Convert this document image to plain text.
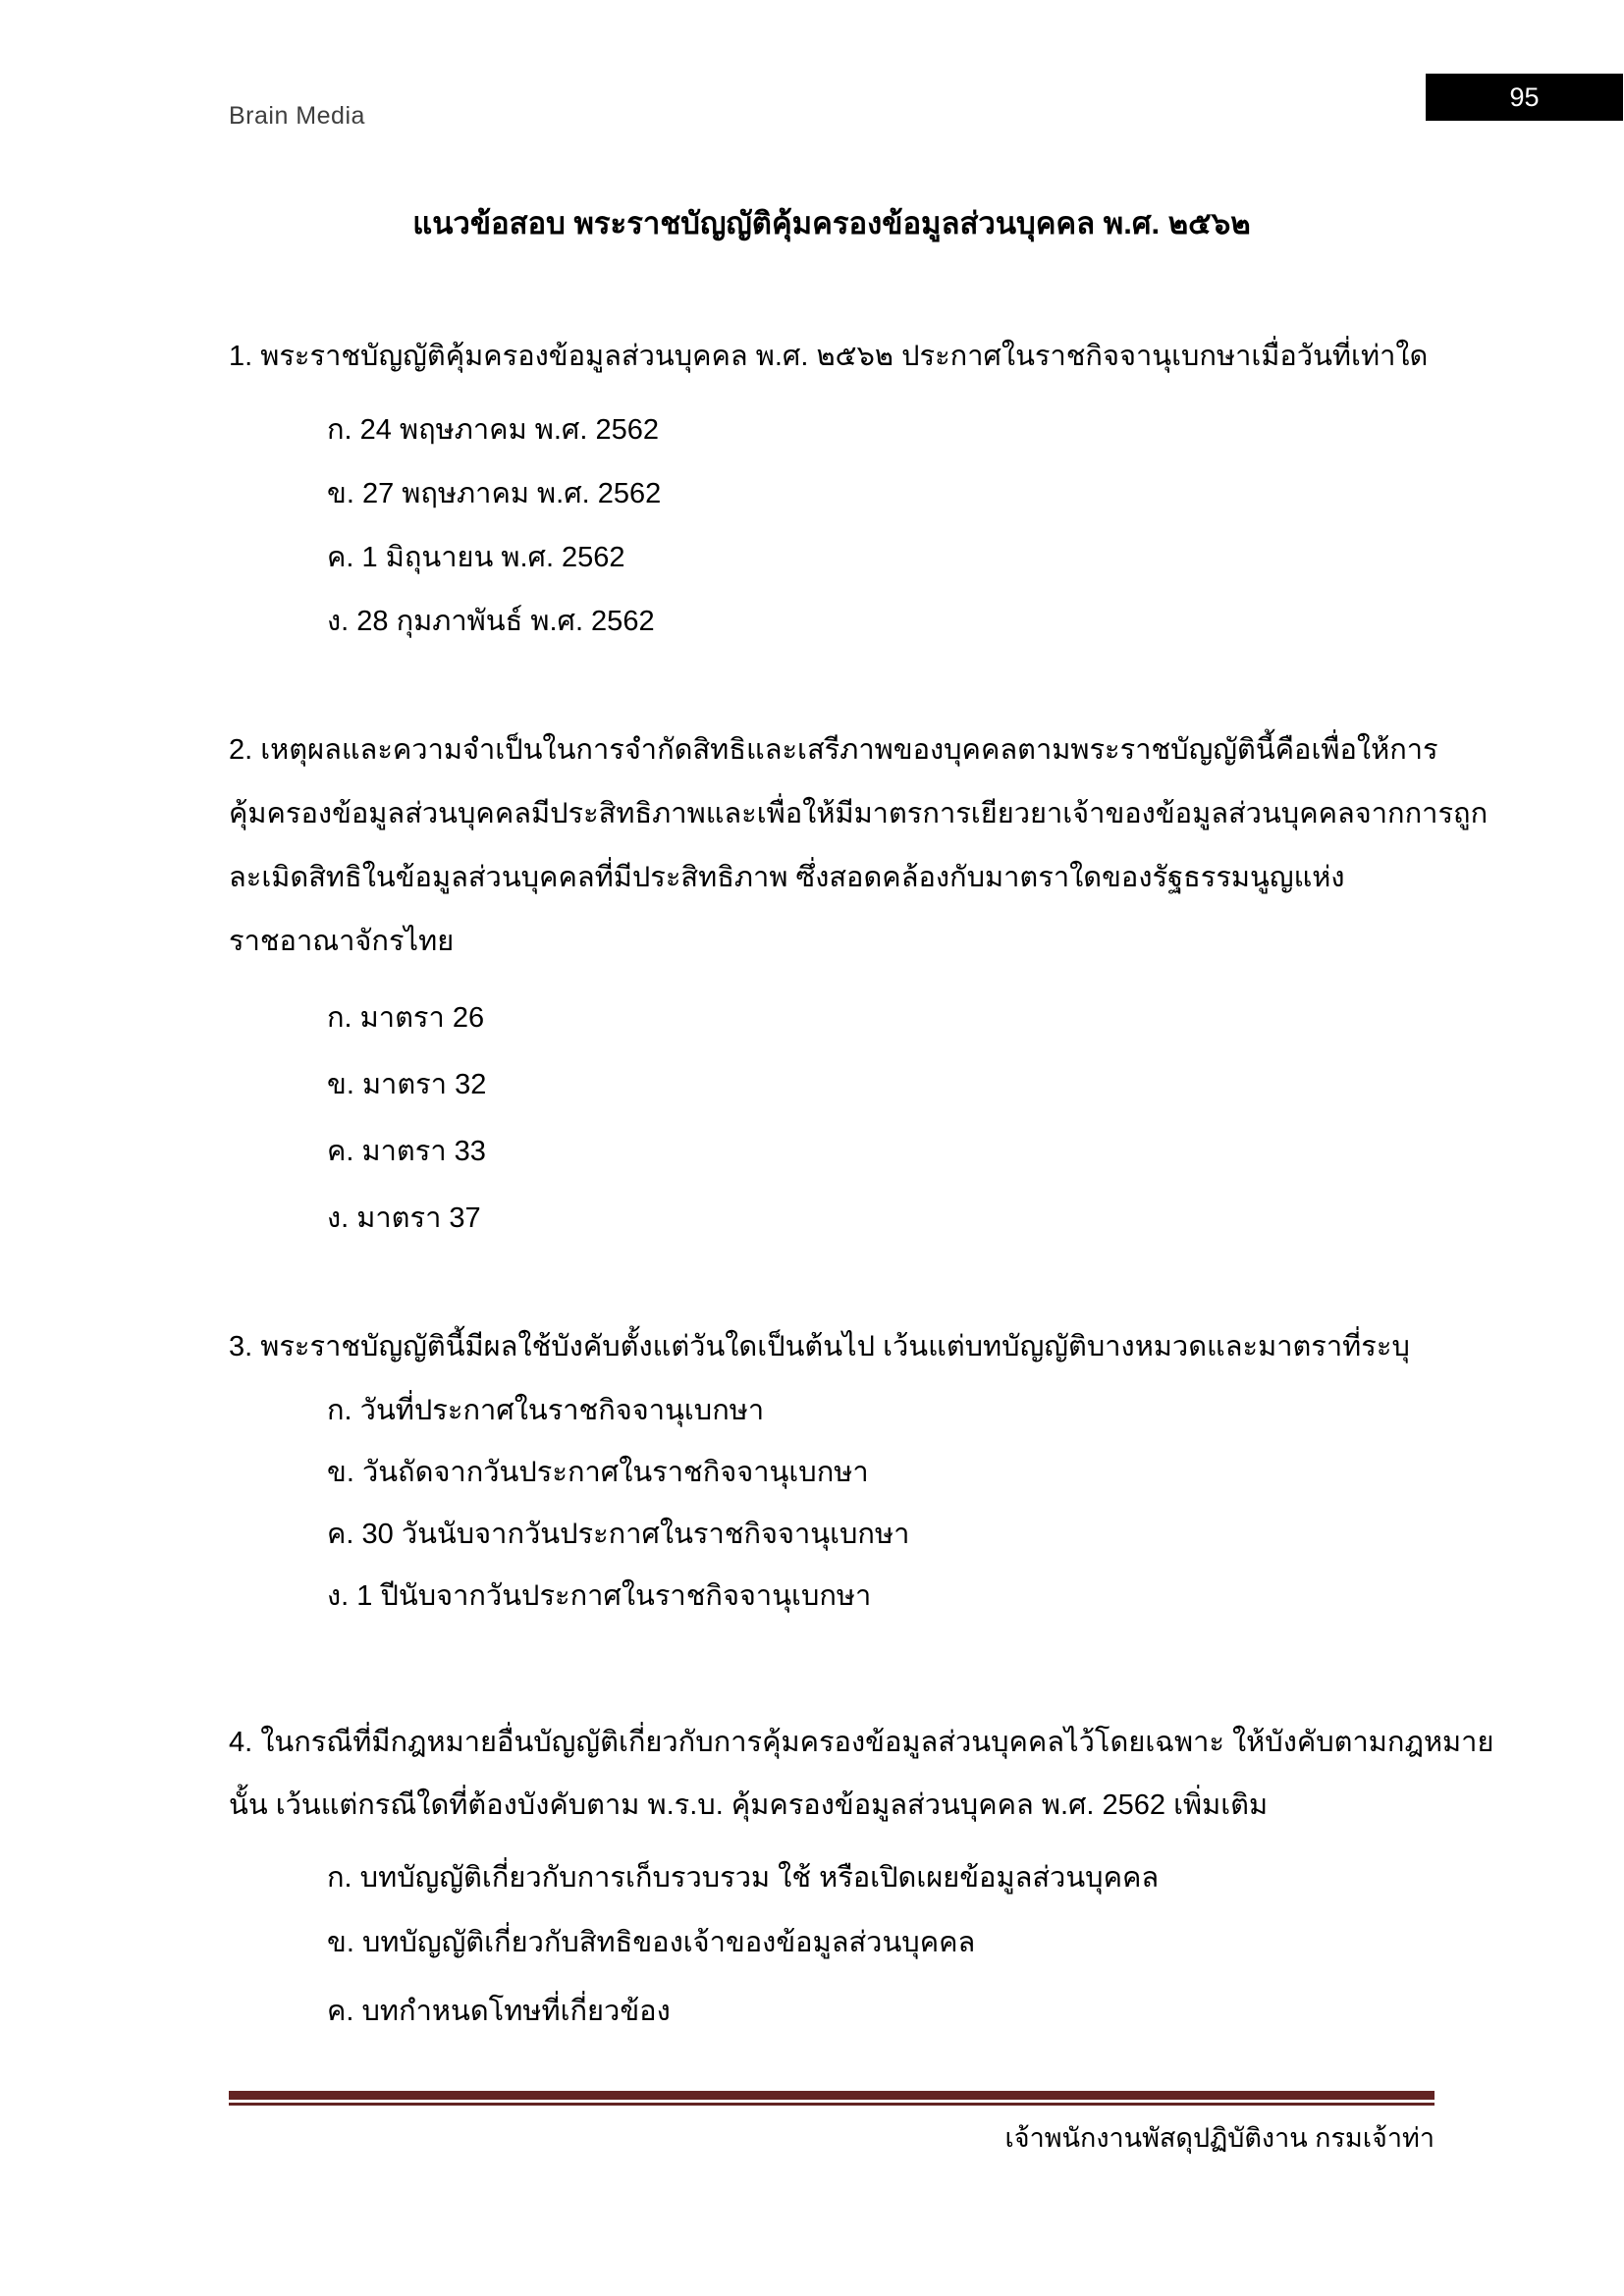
Brain Media
95
แนวข้อสอบ พระราชบัญญัติคุ้มครองข้อมูลส่วนบุคคล พ.ศ. ๒๕๖๒
1. พระราชบัญญัติคุ้มครองข้อมูลส่วนบุคคล พ.ศ. ๒๕๖๒ ประกาศในราชกิจจานุเบกษาเมื่อวันที่เท่าใด
ก. 24 พฤษภาคม พ.ศ. 2562
ข. 27 พฤษภาคม พ.ศ. 2562
ค. 1 มิถุนายน พ.ศ. 2562
ง. 28 กุมภาพันธ์ พ.ศ. 2562
2. เหตุผลและความจำเป็นในการจำกัดสิทธิและเสรีภาพของบุคคลตามพระราชบัญญัตินี้คือเพื่อให้การ
คุ้มครองข้อมูลส่วนบุคคลมีประสิทธิภาพและเพื่อให้มีมาตรการเยียวยาเจ้าของข้อมูลส่วนบุคคลจากการถูก
ละเมิดสิทธิในข้อมูลส่วนบุคคลที่มีประสิทธิภาพ ซึ่งสอดคล้องกับมาตราใดของรัฐธรรมนูญแห่ง
ราชอาณาจักรไทย
ก. มาตรา 26
ข. มาตรา 32
ค. มาตรา 33
ง. มาตรา 37
3. พระราชบัญญัตินี้มีผลใช้บังคับตั้งแต่วันใดเป็นต้นไป เว้นแต่บทบัญญัติบางหมวดและมาตราที่ระบุ
ก. วันที่ประกาศในราชกิจจานุเบกษา
ข. วันถัดจากวันประกาศในราชกิจจานุเบกษา
ค. 30 วันนับจากวันประกาศในราชกิจจานุเบกษา
ง. 1 ปีนับจากวันประกาศในราชกิจจานุเบกษา
4. ในกรณีที่มีกฎหมายอื่นบัญญัติเกี่ยวกับการคุ้มครองข้อมูลส่วนบุคคลไว้โดยเฉพาะ ให้บังคับตามกฎหมาย
นั้น เว้นแต่กรณีใดที่ต้องบังคับตาม พ.ร.บ. คุ้มครองข้อมูลส่วนบุคคล พ.ศ. 2562 เพิ่มเติม
ก. บทบัญญัติเกี่ยวกับการเก็บรวบรวม ใช้ หรือเปิดเผยข้อมูลส่วนบุคคล
ข. บทบัญญัติเกี่ยวกับสิทธิของเจ้าของข้อมูลส่วนบุคคล
ค. บทกำหนดโทษที่เกี่ยวข้อง
เจ้าพนักงานพัสดุปฏิบัติงาน กรมเจ้าท่า
